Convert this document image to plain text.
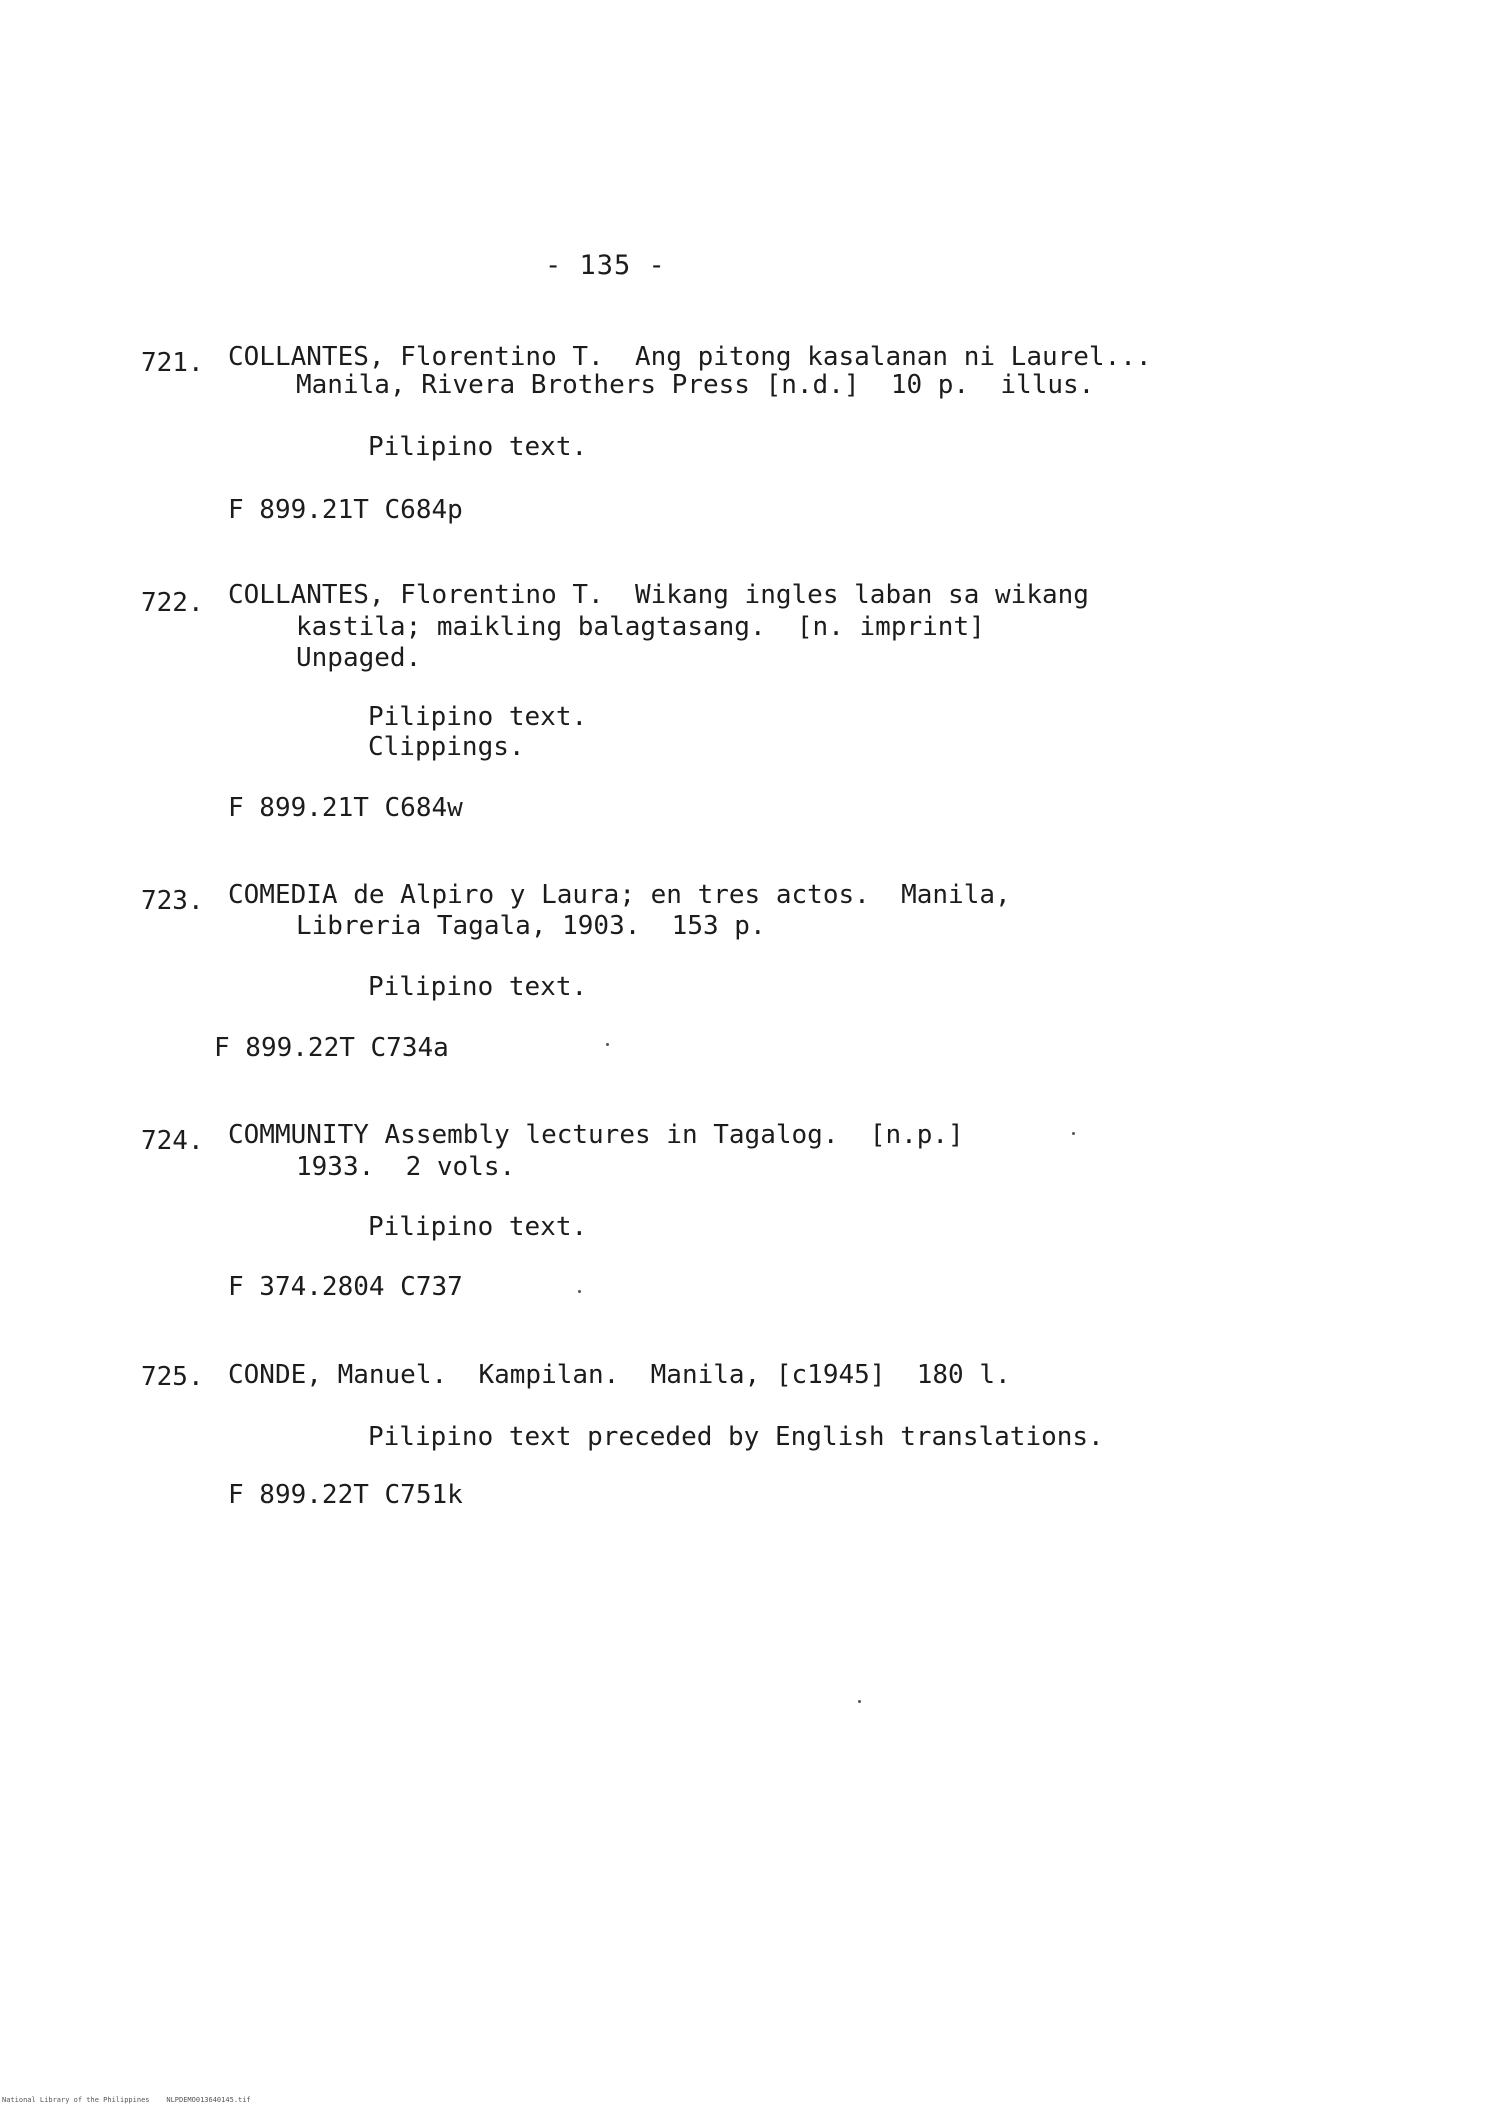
- 135 -
721. COLLANTES, Florentino T.  Ang pitong kasalanan ni Laurel...
Manila, Rivera Brothers Press [n.d.]  10 p.  illus.
Pilipino text.
F 899.21T C684p
722. COLLANTES, Florentino T.  Wikang ingles laban sa wikang
kastila; maikling balagtasang.  [n. imprint]
Unpaged.
Pilipino text.
Clippings.
F 899.21T C684w
723. COMEDIA de Alpiro y Laura; en tres actos.  Manila,
Libreria Tagala, 1903.  153 p.
Pilipino text.
F 899.22T C734a
724. COMMUNITY Assembly lectures in Tagalog.  [n.p.]
1933.  2 vols.
Pilipino text.
F 374.2804 C737
725. CONDE, Manuel.  Kampilan.  Manila, [c1945]  180 l.
Pilipino text preceded by English translations.
F 899.22T C751k
National Library of the Philippines    NLPDEMO013640145.tif
